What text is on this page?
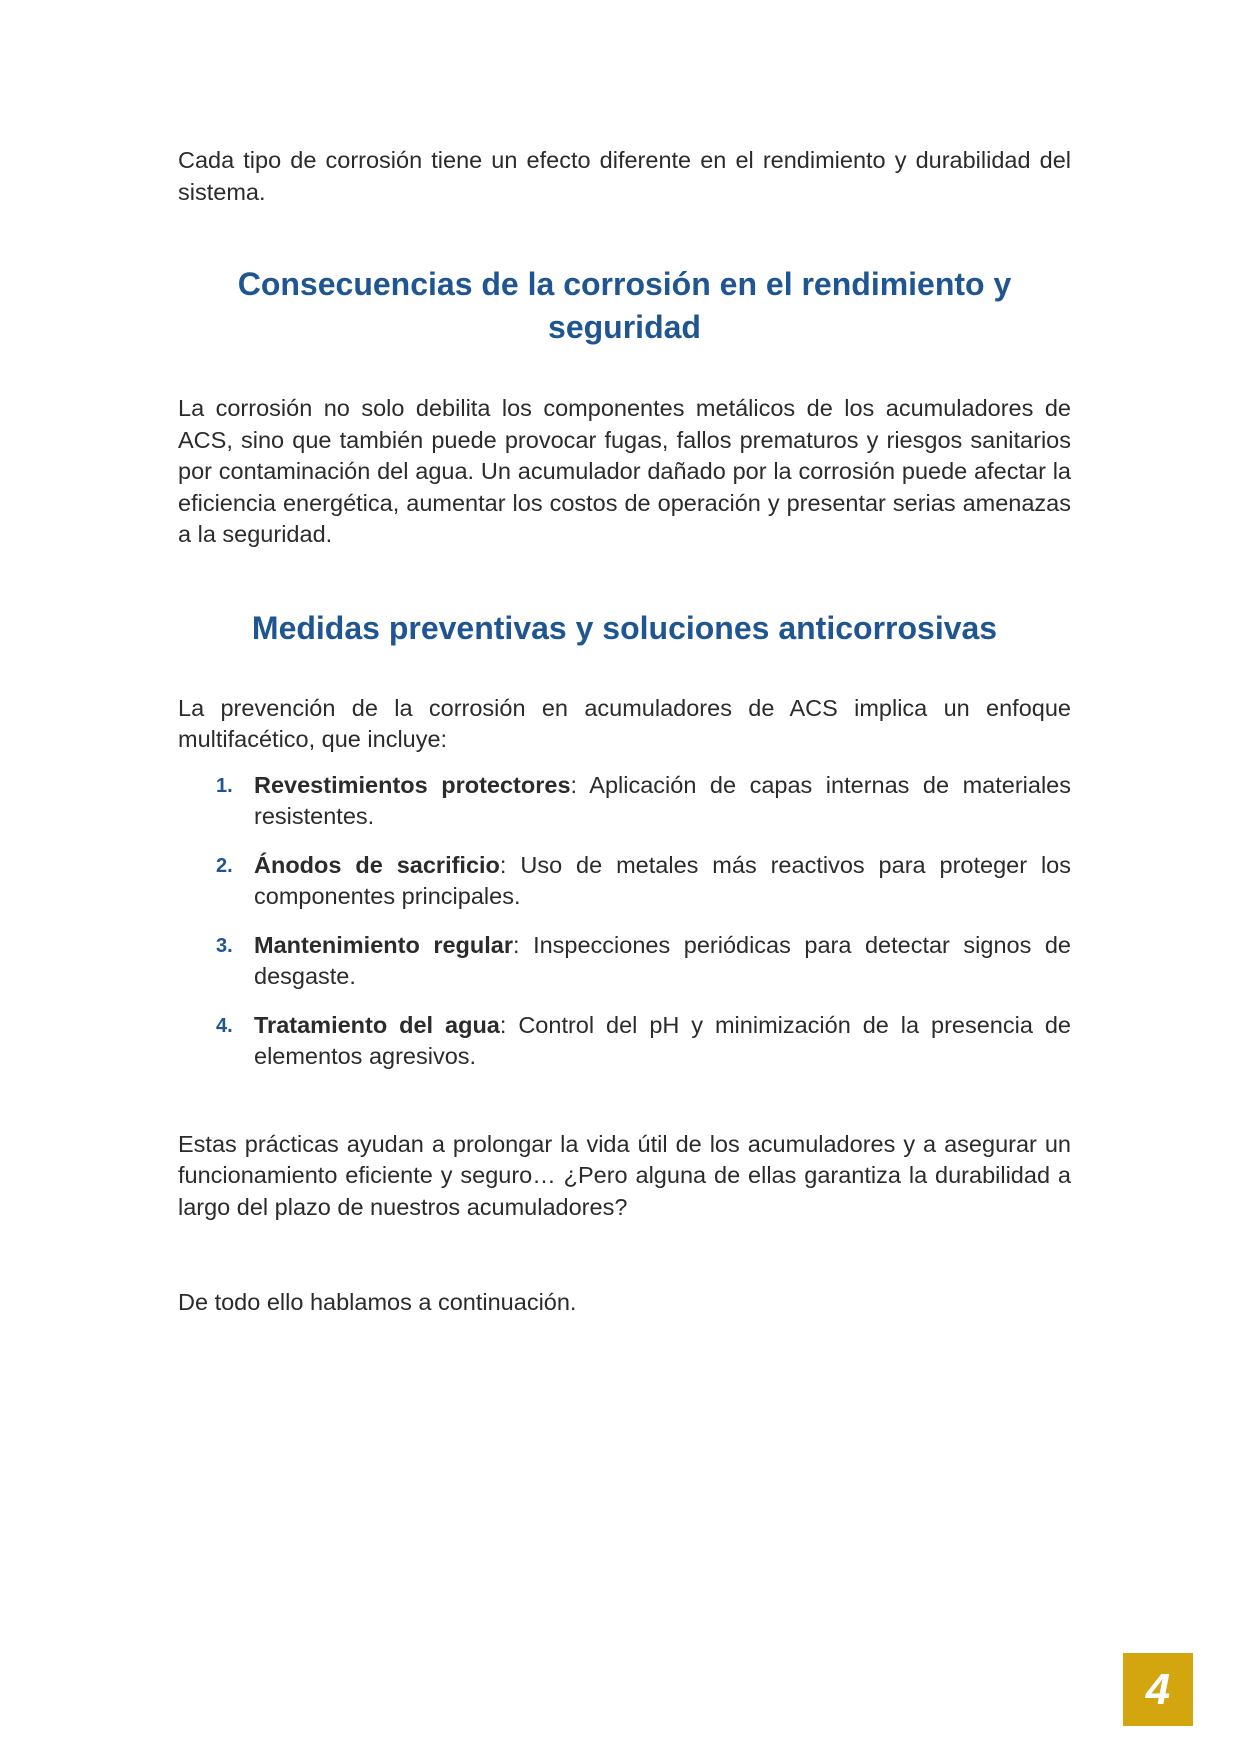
Cada tipo de corrosión tiene un efecto diferente en el rendimiento y durabilidad del sistema.

Consecuencias de la corrosión en el rendimiento y seguridad

La corrosión no solo debilita los componentes metálicos de los acumuladores de ACS, sino que también puede provocar fugas, fallos prematuros y riesgos sanitarios por contaminación del agua. Un acumulador dañado por la corrosión puede afectar la eficiencia energética, aumentar los costos de operación y presentar serias amenazas a la seguridad.

Medidas preventivas y soluciones anticorrosivas

La prevención de la corrosión en acumuladores de ACS implica un enfoque multifacético, que incluye:

1. Revestimientos protectores: Aplicación de capas internas de materiales resistentes.
2. Ánodos de sacrificio: Uso de metales más reactivos para proteger los componentes principales.
3. Mantenimiento regular: Inspecciones periódicas para detectar signos de desgaste.
4. Tratamiento del agua: Control del pH y minimización de la presencia de elementos agresivos.

Estas prácticas ayudan a prolongar la vida útil de los acumuladores y a asegurar un funcionamiento eficiente y seguro… ¿Pero alguna de ellas garantiza la durabilidad a largo del plazo de nuestros acumuladores?

De todo ello hablamos a continuación.

4
